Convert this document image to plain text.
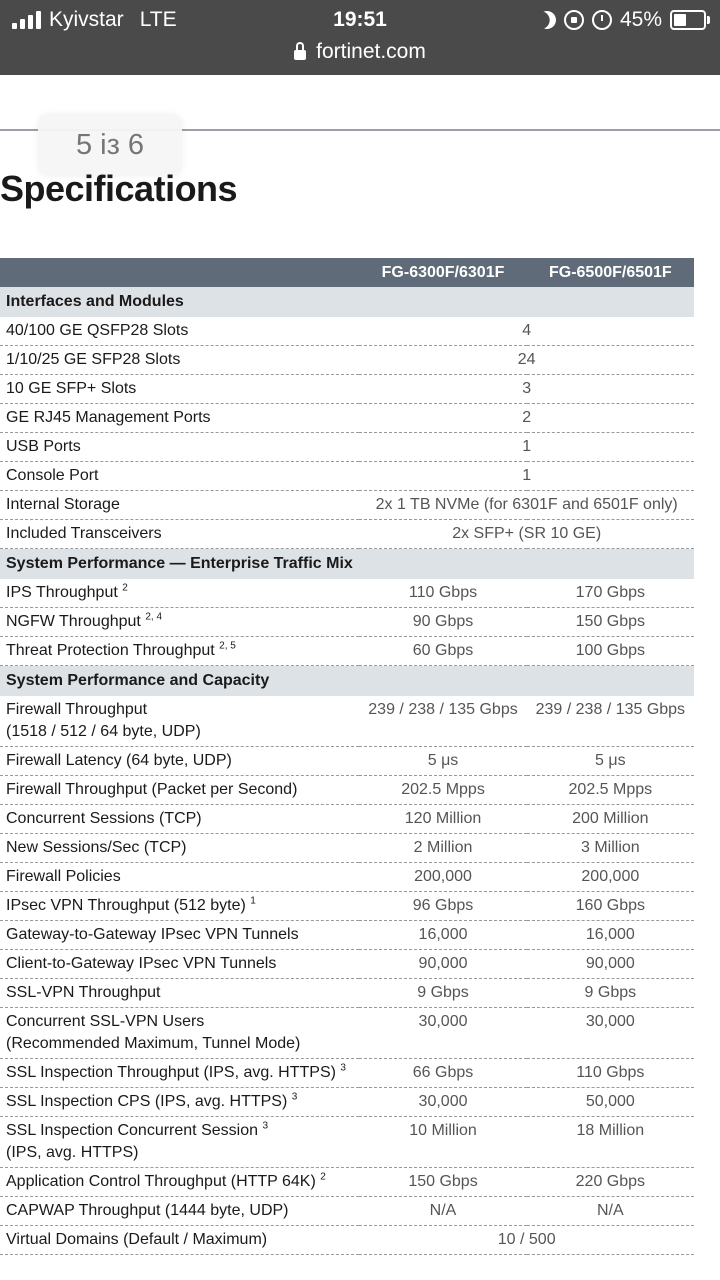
Kyivstar LTE	19:51	45%
fortinet.com
5 із 6
Specifications
	FG-6300F/6301F	FG-6500F/6501F
Interfaces and Modules		
40/100 GE QSFP28 Slots	4	
1/10/25 GE SFP28 Slots	24	
10 GE SFP+ Slots	3	
GE RJ45 Management Ports	2	
USB Ports	1	
Console Port	1	
Internal Storage	2x 1 TB NVMe (for 6301F and 6501F only)	
Included Transceivers	2x SFP+ (SR 10 GE)	
System Performance — Enterprise Traffic Mix		
IPS Throughput $^2$	110 Gbps	170 Gbps
NGFW Throughput $^{2, 4}$	90 Gbps	150 Gbps
Threat Protection Throughput $^{2, 5}$	60 Gbps	100 Gbps
System Performance and Capacity		
Firewall Throughput
(1518 / 512 / 64 byte, UDP)	239 / 238 / 135 Gbps	239 / 238 / 135 Gbps
Firewall Latency (64 byte, UDP)	5 μs	5 μs
Firewall Throughput (Packet per Second)	202.5 Mpps	202.5 Mpps
Concurrent Sessions (TCP)	120 Million	200 Million
New Sessions/Sec (TCP)	2 Million	3 Million
Firewall Policies	200,000	200,000
IPsec VPN Throughput (512 byte) $^1$	96 Gbps	160 Gbps
Gateway-to-Gateway IPsec VPN Tunnels	16,000	16,000
Client-to-Gateway IPsec VPN Tunnels	90,000	90,000
SSL-VPN Throughput	9 Gbps	9 Gbps
Concurrent SSL-VPN Users
(Recommended Maximum, Tunnel Mode)	30,000	30,000
SSL Inspection Throughput (IPS, avg. HTTPS) $^3$	66 Gbps	110 Gbps
SSL Inspection CPS (IPS, avg. HTTPS) $^3$	30,000	50,000
SSL Inspection Concurrent Session $^3$
(IPS, avg. HTTPS)	10 Million	18 Million
Application Control Throughput (HTTP 64K) $^2$	150 Gbps	220 Gbps
CAPWAP Throughput (1444 byte, UDP)	N/A	N/A
Virtual Domains (Default / Maximum)	10 / 500	
